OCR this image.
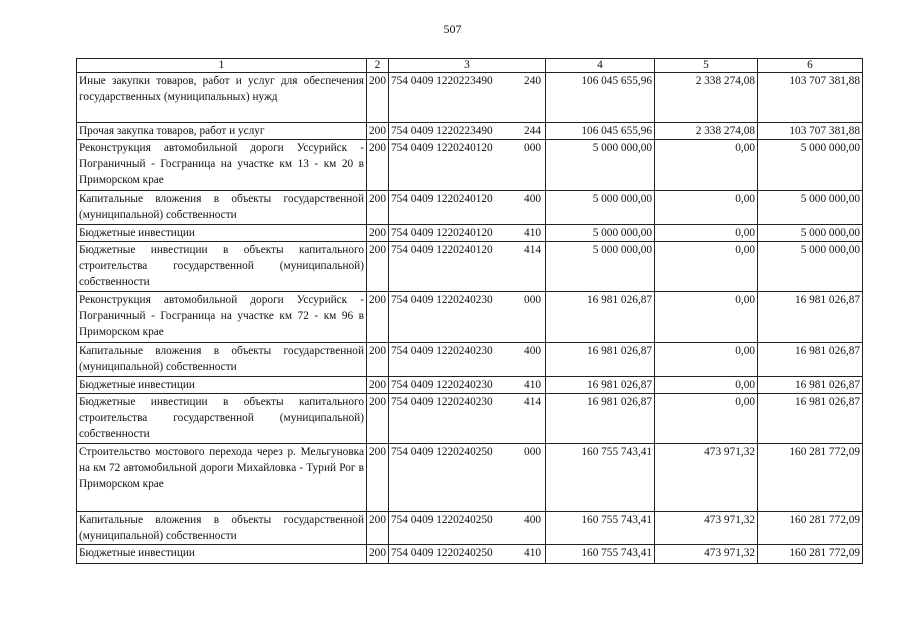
507
1	2	3	4	5	6
Иные закупки товаров, работ и услуг для обеспечения государственных (муниципальных) нужд	200	754 0409 1220223490 240	106 045 655,96	2 338 274,08	103 707 381,88
Прочая закупка товаров, работ и услуг	200	754 0409 1220223490 244	106 045 655,96	2 338 274,08	103 707 381,88
Реконструкция автомобильной дороги Уссурийск - Пограничный - Госграница на участке км 13 - км 20 в Приморском крае	200	754 0409 1220240120 000	5 000 000,00	0,00	5 000 000,00
Капитальные вложения в объекты государственной (муниципальной) собственности	200	754 0409 1220240120 400	5 000 000,00	0,00	5 000 000,00
Бюджетные инвестиции	200	754 0409 1220240120 410	5 000 000,00	0,00	5 000 000,00
Бюджетные инвестиции в объекты капитального строительства государственной (муниципальной) собственности	200	754 0409 1220240120 414	5 000 000,00	0,00	5 000 000,00
Реконструкция автомобильной дороги Уссурийск - Пограничный - Госграница на участке км 72 - км 96 в Приморском крае	200	754 0409 1220240230 000	16 981 026,87	0,00	16 981 026,87
Капитальные вложения в объекты государственной (муниципальной) собственности	200	754 0409 1220240230 400	16 981 026,87	0,00	16 981 026,87
Бюджетные инвестиции	200	754 0409 1220240230 410	16 981 026,87	0,00	16 981 026,87
Бюджетные инвестиции в объекты капитального строительства государственной (муниципальной) собственности	200	754 0409 1220240230 414	16 981 026,87	0,00	16 981 026,87
Строительство мостового перехода через р. Мельгуновка на км 72 автомобильной дороги Михайловка - Турий Рог в Приморском крае	200	754 0409 1220240250 000	160 755 743,41	473 971,32	160 281 772,09
Капитальные вложения в объекты государственной (муниципальной) собственности	200	754 0409 1220240250 400	160 755 743,41	473 971,32	160 281 772,09
Бюджетные инвестиции	200	754 0409 1220240250 410	160 755 743,41	473 971,32	160 281 772,09
